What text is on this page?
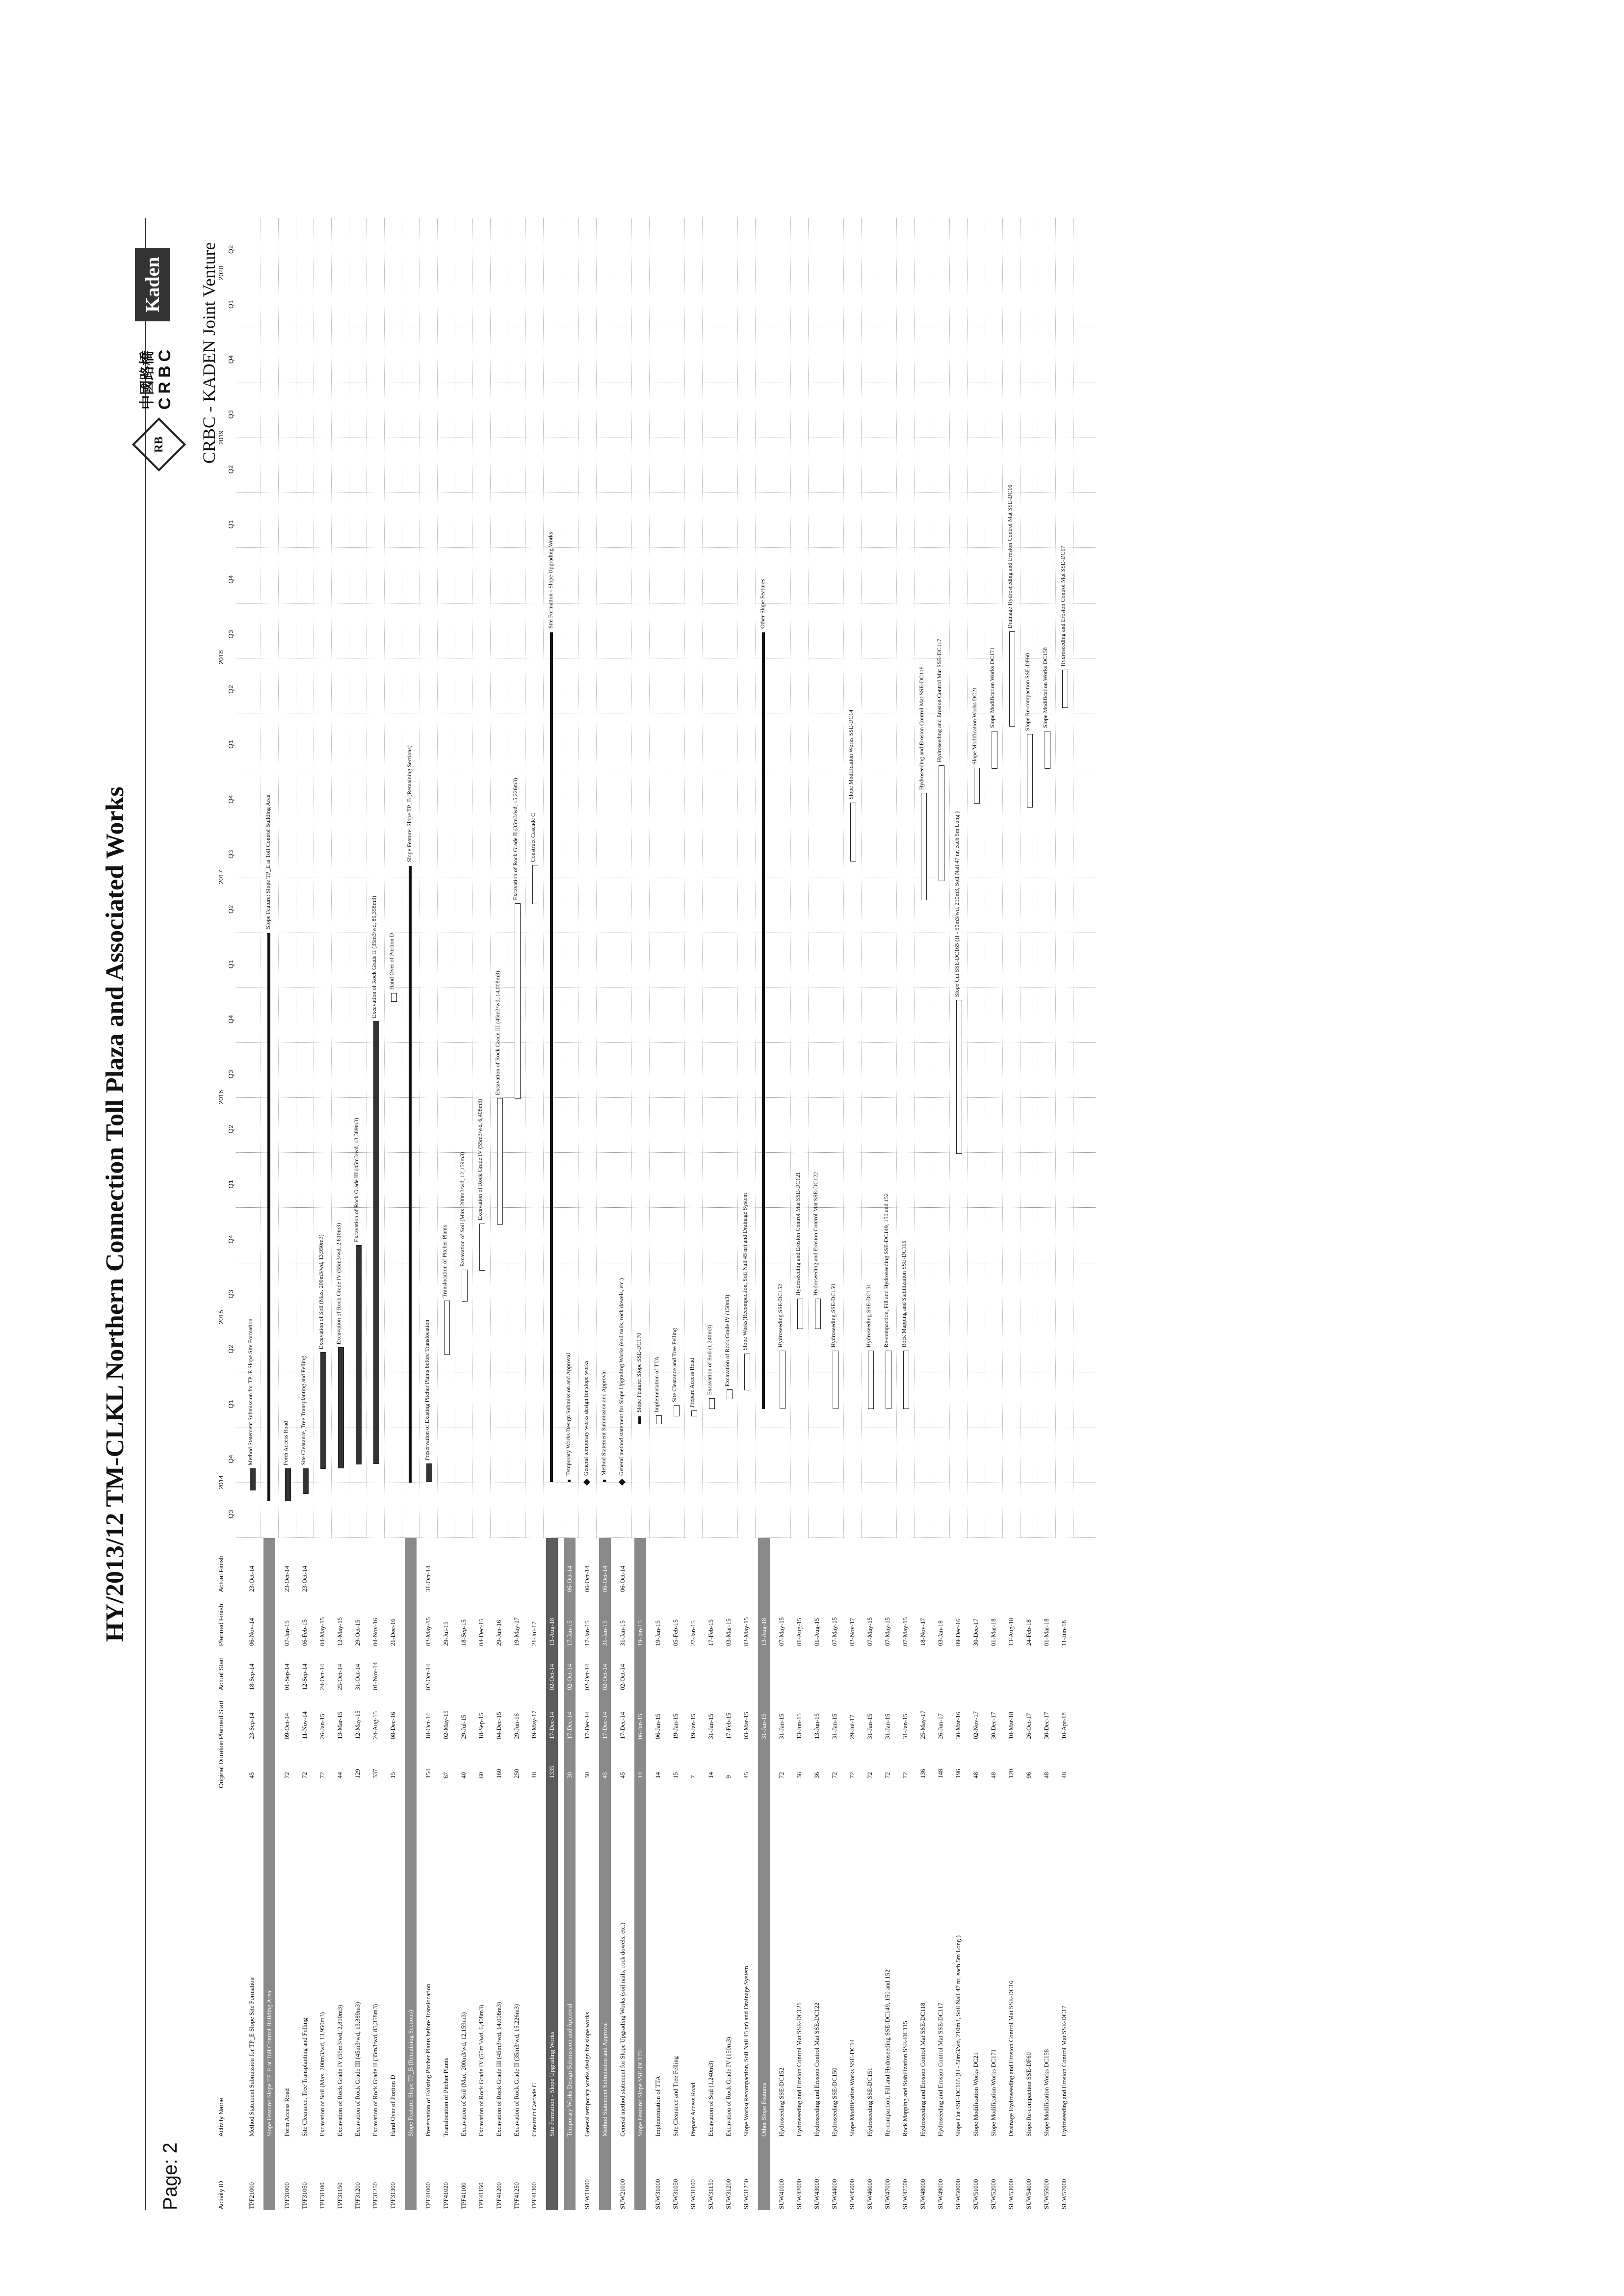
HY/2013/12 TM-CLKL Northern Connection Toll Plaza and Associated Works
Page: 2
RB
中國路橋 CRBC
Kaden	CRBC - KADEN Joint Venture
Activity ID
Activity Name
Original Duration
Planned Start
Actual Start
Planned Finish
Actual Finish
TPF21000
Method Statement Submission for TP_E Slope Site Formation
45
23-Sep-14
18-Sep-14
06-Nov-14
23-Oct-14
Slope Feature: Slope TP_E at Toll Control Building Area
TPF31000
Form Access Road
72
09-Oct-14
01-Sep-14
07-Jan-15
23-Oct-14
TPF31050
Site Clearance, Tree Transplanting and Felling
72
11-Nov-14
12-Sep-14
06-Feb-15
23-Oct-14
TPF31100
Excavation of Soil (Max. 200m3/wd, 13,950m3)
72
26-Jan-15
24-Oct-14
04-May-15
TPF31150
Excavation of Rock Grade IV (55m3/wd, 2,810m3)
44
13-Mar-15
25-Oct-14
12-May-15
TPF31200
Excavation of Rock Grade III (45m3/wd, 13,389m3)
129
12-May-15
31-Oct-14
29-Oct-15
TPF31250
Excavation of Rock Grade II (35m3/wd, 85,358m3)
337
24-Aug-15
01-Nov-14
04-Nov-16
TPF31300
Hand Over of Portion D
15
08-Dec-16
21-Dec-16
Slope Feature: Slope TP_B (Remaining Sections)
TPF41000
Preservation of Existing Pitcher Plants before Translocation
154
18-Oct-14
02-Oct-14
02-May-15
31-Oct-14
TPF41020
Translocation of Pitcher Plants
67
02-May-15
29-Jul-15
TPF41100
Excavation of Soil (Max. 200m3/wd, 12,159m3)
40
29-Jul-15
18-Sep-15
TPF41150
Excavation of Rock Grade IV (55m3/wd, 6,408m3)
60
18-Sep-15
04-Dec-15
TPF41200
Excavation of Rock Grade III (45m3/wd, 14,008m3)
160
04-Dec-15
29-Jun-16
TPF41250
Excavation of Rock Grade II (35m3/wd, 15,226m3)
250
29-Jun-16
19-May-17
TPF41300
Construct Cascade C
48
19-May-17
21-Jul-17
Site Formation - Slope Upgrading Works
1335
17-Dec-14
02-Oct-14
13-Aug-18
Temporary Works Design Submission and Approval
30
17-Dec-14
02-Oct-14
17-Jan-15
06-Oct-14
SUW11000
General temporary works design for slope works
30
17-Dec-14
02-Oct-14
17-Jan-15
06-Oct-14
Method Statement Submission and Approval
45
17-Dec-14
02-Oct-14
31-Jan-15
06-Oct-14
SUW21000
General method statement for Slope Upgrading Works (soil nails, rock dowels, etc.)
45
17-Dec-14
02-Oct-14
31-Jan-15
06-Oct-14
Slope Feature: Slope SSE-DC170
14
06-Jan-15
19-Jan-15
SUW31000
Implementation of TTA
14
06-Jan-15
19-Jan-15
SUW31050
Site Clearance and Tree Felling
15
19-Jan-15
05-Feb-15
SUW31100
Prepare Access Road
7
19-Jan-15
27-Jan-15
SUW31150
Excavation of Soil (1,240m3)
14
31-Jan-15
17-Feb-15
SUW31200
Excavation of Rock Grade IV (150m3)
9
17-Feb-15
03-Mar-15
SUW31250
Slope Works(Recompaction, Soil Nail 45 nr) and Drainage System
45
03-Mar-15
02-May-15
Other Slope Features
31-Jan-15
13-Aug-18
SUW41000
Hydroseeding SSE-DC152
72
31-Jan-15
07-May-15
SUW42000
Hydroseeding and Erosion Control Mat SSE-DC121
36
13-Jun-15
01-Aug-15
SUW43000
Hydroseeding and Erosion Control Mat SSE-DC122
36
13-Jun-15
01-Aug-15
SUW44000
Hydroseeding SSE-DC150
72
31-Jan-15
07-May-15
SUW45000
Slope Modification Works SSE-DC14
72
29-Jul-17
02-Nov-17
SUW46000
Hydroseeding SSE-DC151
72
31-Jan-15
07-May-15
SUW47000
Re-compaction, Fill and Hydroseeding SSE-DC149, 150 and 152
72
31-Jan-15
07-May-15
SUW47500
Rock Mapping and Stabilization SSE-DC115
72
31-Jan-15
07-May-15
SUW48000
Hydroseeding and Erosion Control Mat SSE-DC118
136
25-May-17
18-Nov-17
SUW49000
Hydroseeding and Erosion Control Mat SSE-DC117
148
26-Jun-17
03-Jan-18
SUW50000
Slope Cut SSE-DC165 (H - 50m3/wd, 210m3, Soil Nail 47 nr, each 5m Long )
196
30-Mar-16
09-Dec-16
SUW51000
Slope Modification Works DC21
48
02-Nov-17
30-Dec-17
SUW52000
Slope Modification Works DC171
48
30-Dec-17
01-Mar-18
SUW53000
Drainage Hydroseeding and Erosion Control Mat SSE-DC16
120
10-Mar-18
13-Aug-18
SUW54000
Slope Re-compaction SSE-DF60
96
26-Oct-17
24-Feb-18
SUW55000
Slope Modification Works DC158
48
30-Dec-17
01-Mar-18
SUW57000
Hydroseeding and Erosion Control Mat SSE-DC17
48
10-Apr-18
11-Jun-18
2014
2015
2016
2017
2018
2019
2020
Q3
Q4
Q1
Q2
Q3
Q4
Q1
Q2
Q3
Q4
Q1
Q2
Q3
Q4
Q1
Q2
Q3
Q4
Q1
Q2
Q3
Q4
Q1
Q2
Method Statement Submission for TP_E Slope Site Formation
Slope Feature: Slope TP_E at Toll Control Building Area
Form Access Road Site Clearance, Tree Transplanting and Felling
Excavation of Soil (Max. 200m3/wd, 13,950m3) Excavation of Rock Grade IV (55m3/wd, 2,810m3)
Excavation of Rock Grade III (45m3/wd, 13,389m3)
Excavation of Rock Grade II (35m3/wd, 85,358m3) Hand Over of Portion D
Slope Feature: Slope TP_B (Remaining Sections)
Preservation of Existing Pitcher Plants before Translocation
Translocation of Pitcher Plants Excavation of Soil (Max. 200m3/wd, 12,159m3) Excavation of Rock Grade IV (55m3/wd, 6,408m3)
Excavation of Rock Grade III (45m3/wd, 14,008m3)
Excavation of Rock Grade II (35m3/wd, 15,226m3) Construct Cascade C
Site Formation - Slope Upgrading Works
Temporary Works Design Submission and Approval General temporary works design for slope works Method Statement Submission and Approval General method statement for Slope Upgrading Works (soil nails, rock dowels, etc.) Slope Feature: Slope SSE-DC170 Implementation of TTA Site Clearance and Tree Felling Prepare Access Road Excavation of Soil (1,240m3) Excavation of Rock Grade IV (150m3) Slope Works(Recompaction, Soil Nail 45 nr) and Drainage System
Other Slope Features
Hydroseeding SSE-DC152
Hydroseeding and Erosion Control Mat SSE-DC121 Hydroseeding and Erosion Control Mat SSE-DC122
Hydroseeding SSE-DC150
Slope Modification Works SSE-DC14
Hydroseeding SSE-DC151 Re-compaction, Fill and Hydroseeding SSE-DC149, 150 and 152 Rock Mapping and Stabilization SSE-DC115
Hydroseeding and Erosion Control Mat SSE-DC118 Hydroseeding and Erosion Control Mat SSE-DC117
Slope Cut SSE-DC165 (H - 50m3/wd, 210m3, Soil Nail 47 nr, each 5m Long )
Slope Modification Works DC21 Slope Modification Works DC171
Drainage Hydroseeding and Erosion Control Mat SSE-DC16
Slope Re-compaction SSE-DF60 Slope Modification Works DC158
Hydroseeding and Erosion Control Mat SSE-DC17
